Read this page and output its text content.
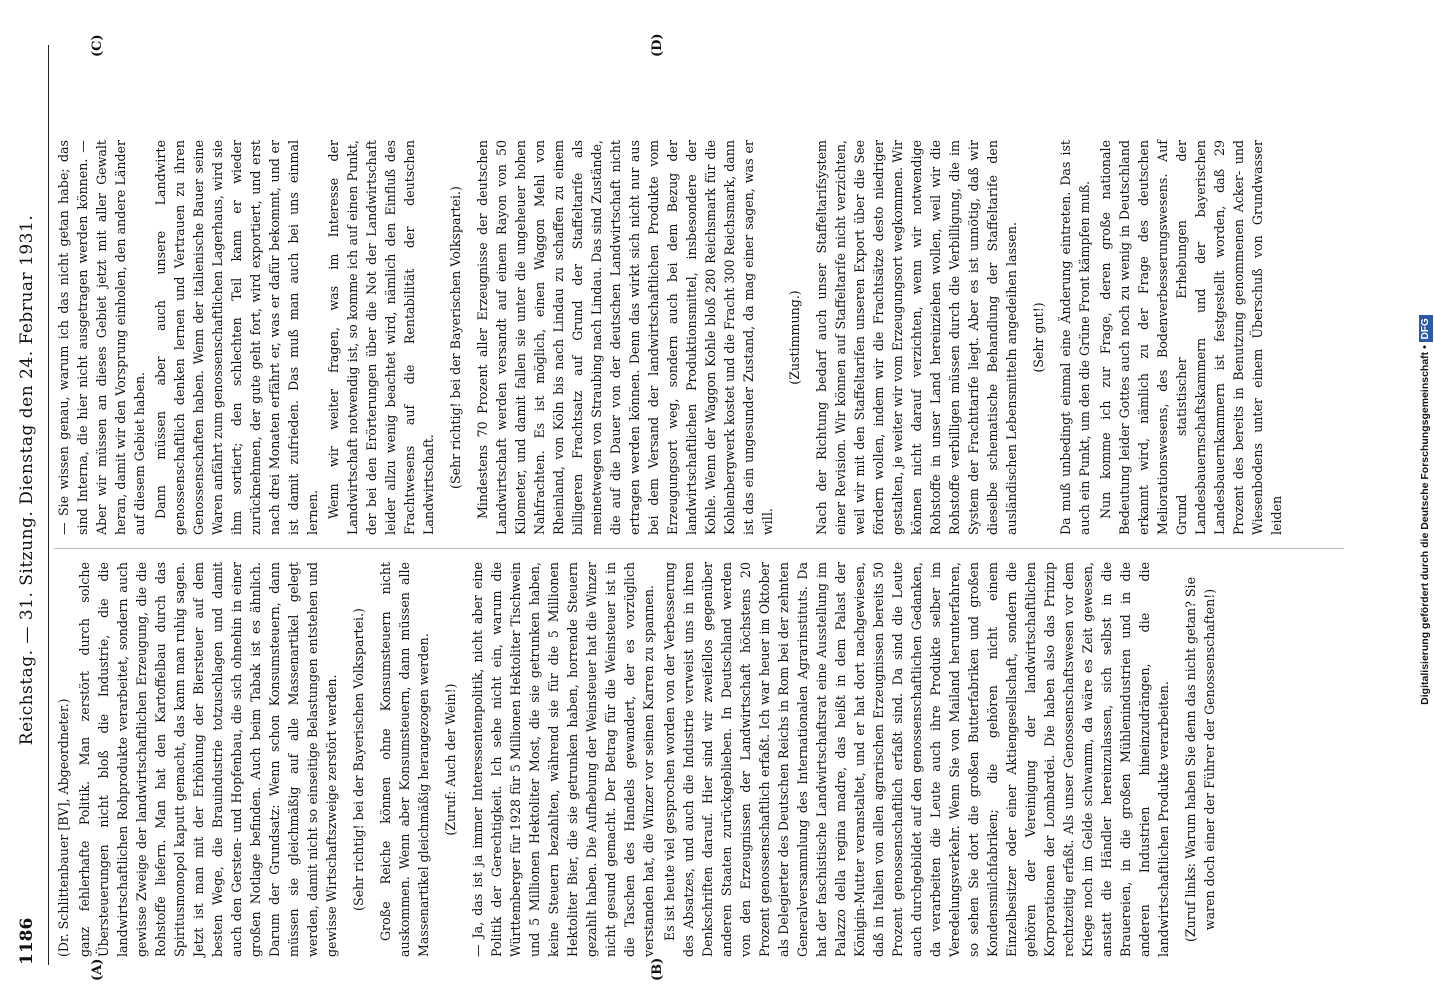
1186
Reichstag. — 31. Sitzung. Dienstag den 24. Februar 1931.
(A)	(B)
(C)	(D)

(Dr. Schlittenbauer [BV], Abgeordneter.) ganz fehlerhafte Politik. Man zerstört durch solche Übersteuerungen nicht bloß die Industrie, die die landwirtschaftlichen Rohprodukte verarbeitet, sondern auch gewisse Zweige der landwirtschaftlichen Erzeugung, die die Rohstoffe liefern. Man hat den Kartoffelbau durch das Spiritusmonopol kaputt gemacht, das kann man ruhig sagen. Jetzt ist man mit der Erhöhung der Biersteuer auf dem besten Wege, die Brauindustrie totzuschlagen und damit auch den Gersten- und Hopfenbau, die sich ohnehin in einer großen Notlage befinden. Auch beim Tabak ist es ähnlich. Darum der Grundsatz: Wenn schon Konsumsteuern, dann müssen sie gleichmäßig auf alle Massenartikel gelegt werden, damit nicht so einseitige Belastungen entstehen und gewisse Wirtschaftszweige zerstört werden. (Sehr richtig! bei der Bayerischen Volkspartei.) Große Reiche können ohne Konsumsteuern nicht auskommen. Wenn aber Konsumsteuern, dann müssen alle Massenartikel gleichmäßig herangezogen werden. (Zuruf: Auch der Wein!) — Ja, das ist ja immer Interessentenpolitik, nicht aber eine Politik der Gerechtigkeit. Ich sehe nicht ein, warum die Württemberger für 1928 für 5 Millionen Hektoliter Tischwein und 5 Millionen Hektoliter Most, die sie getrunken haben, keine Steuern bezahlten, während sie für die 5 Millionen Hektoliter Bier, die sie getrunken haben, horrende Steuern gezahlt haben. Die Aufhebung der Weinsteuer hat die Winzer nicht gesund gemacht. Der Betrag für die Weinsteuer ist in die Taschen des Handels gewandert, der es vorzüglich verstanden hat, die Winzer vor seinen Karren zu spannen. Es ist heute viel gesprochen worden von der Verbesserung des Absatzes, und auch die Industrie verweist uns in ihren Denkschriften darauf. Hier sind wir zweifellos gegenüber anderen Staaten zurückgeblieben. In Deutschland werden von den Erzeugnissen der Landwirtschaft höchstens 20 Prozent genossenschaftlich erfaßt. Ich war heuer im Oktober als Delegierter des Deutschen Reichs in Rom bei der zehnten Generalversammlung des Internationalen Agrarinstituts. Da hat der faschistische Landwirtschaftsrat eine Ausstellung im Palazzo della regina madre, das heißt in dem Palast der Königin-Mutter veranstaltet, und er hat dort nachgewiesen, daß in Italien von allen agrarischen Erzeugnissen bereits 50 Prozent genossenschaftlich erfaßt sind. Da sind die Leute auch durchgebildet auf den genossenschaftlichen Gedanken, da verarbeiten die Leute auch ihre Produkte selber im Veredelungsverkehr. Wenn Sie von Mailand herunterfahren, so sehen Sie dort die großen Butterfabriken und großen Kondensmilchfabriken; die gehören nicht einem Einzelbesitzer oder einer Aktiengesellschaft, sondern die gehören der Vereinigung der landwirtschaftlichen Korporationen der Lombardei. Die haben also das Prinzip rechtzeitig erfaßt. Als unser Genossenschaftswesen vor dem Kriege noch im Gelde schwamm, da wäre es Zeit gewesen, anstatt die Händler hereinzulassen, sich selbst in die Brauereien, in die großen Mühlenindustrien und in die anderen Industrien hineinzudrängen, die die landwirtschaftlichen Produkte verarbeiten. (Zuruf links: Warum haben Sie denn das nicht getan? Sie waren doch einer der Führer der Genossenschaften!)

— Sie wissen genau, warum ich das nicht getan habe; das sind Interna, die hier nicht ausgetragen werden können. — Aber wir müssen an dieses Gebiet jetzt mit aller Gewalt heran, damit wir den Vorsprung einholen, den andere Länder auf diesem Gebiet haben. Dann müssen aber auch unsere Landwirte genossenschaftlich denken lernen und Vertrauen zu ihren Genossenschaften haben. Wenn der italienische Bauer seine Waren anfährt zum genossenschaftlichen Lagerhaus, wird sie ihm sortiert; den schlechten Teil kann er wieder zurücknehmen, der gute geht fort, wird exportiert, und erst nach drei Monaten erfährt er, was er dafür bekommt, und er ist damit zufrieden. Das muß man auch bei uns einmal lernen. Wenn wir weiter fragen, was im Interesse der Landwirtschaft notwendig ist, so komme ich auf einen Punkt, der bei den Erörterungen über die Not der Landwirtschaft leider allzu wenig beachtet wird, nämlich den Einfluß des Frachtwesens auf die Rentabilität der deutschen Landwirtschaft. (Sehr richtig! bei der Bayerischen Volkspartei.) Mindestens 70 Prozent aller Erzeugnisse der deutschen Landwirtschaft werden versandt auf einem Rayon von 50 Kilometer, und damit fallen sie unter die ungeheuer hohen Nahfrachten. Es ist möglich, einen Waggon Mehl von Rheinland, von Köln bis nach Lindau zu schaffen zu einem billigeren Frachtsatz auf Grund der Staffeltarife als meinetwegen von Straubing nach Lindau. Das sind Zustände, die auf die Dauer von der deutschen Landwirtschaft nicht ertragen werden können. Denn das wirkt sich nicht nur aus bei dem Versand der landwirtschaftlichen Produkte vom Erzeugungsort weg, sondern auch bei dem Bezug der landwirtschaftlichen Produktionsmittel, insbesondere der Kohle. Wenn der Waggon Kohle bloß 280 Reichsmark für die Kohlenbergwerk kostet und die Fracht 300 Reichsmark, dann ist das ein ungesunder Zustand, da mag einer sagen, was er will.

(Zustimmung.) Nach der Richtung bedarf auch unser Staffeltarifsystem einer Revision. Wir können auf Staffeltarife nicht verzichten, weil wir mit den Staffeltarifen unseren Export über die See fördern wollen, indem wir die Frachtsätze desto niedriger gestalten, je weiter wir vom Erzeugungsort wegkommen. Wir können nicht darauf verzichten, wenn wir notwendige Rohstoffe in unser Land hereinziehen wollen, weil wir die Rohstoffe verbilligen müssen durch die Verbilligung, die im System der Frachttarife liegt. Aber es ist unnötig, daß wir dieselbe schematische Behandlung der Staffeltarife den ausländischen Lebensmitteln angedeihen lassen. (Sehr gut!) Da muß unbedingt einmal eine Änderung eintreten. Das ist auch ein Punkt, um den die Grüne Front kämpfen muß. Nun komme ich zur Frage, deren große nationale Bedeutung leider Gottes auch noch zu wenig in Deutschland erkannt wird, nämlich zu der Frage des deutschen Meliorationswesens, des Bodenverbesserungswesens. Auf Grund statistischer Erhebungen der Landesbauernschaftskammern und der bayerischen Landesbauernkammern ist festgestellt worden, daß 29 Prozent des bereits in Benutzung genommenen Acker- und Wiesenbodens unter einem Überschuß von Grundwasser leiden	Digitalisierung gefördert durch die Deutsche Forschungsgemeinschaft • DFG
